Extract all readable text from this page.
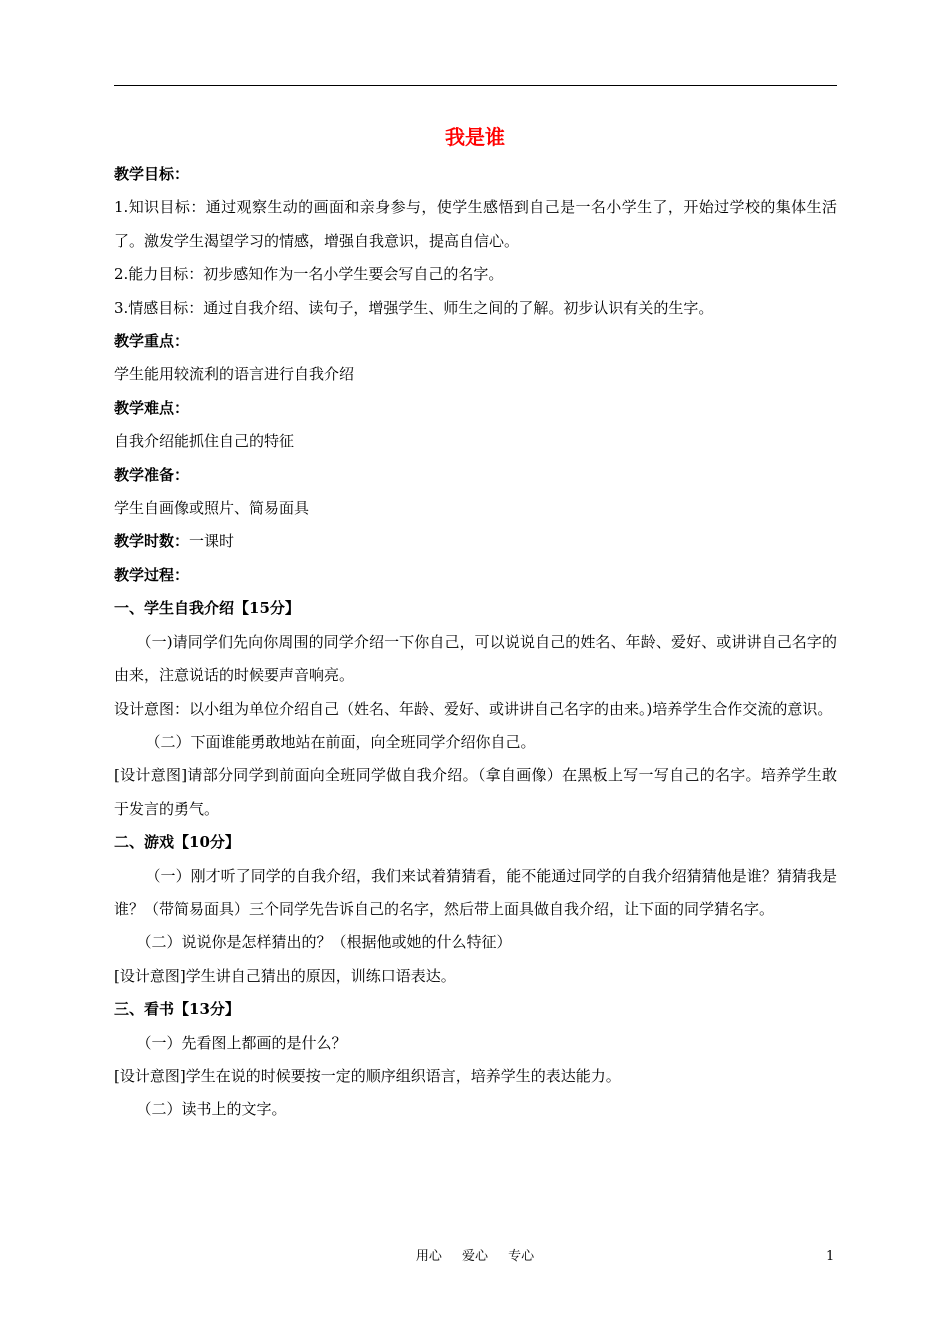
我是谁

教学目标：

1.知识目标：通过观察生动的画面和亲身参与，使学生感悟到自己是一名小学生了，开始过学校的集体生活了。激发学生渴望学习的情感，增强自我意识，提高自信心。

2.能力目标：初步感知作为一名小学生要会写自己的名字。

3.情感目标：通过自我介绍、读句子，增强学生、师生之间的了解。初步认识有关的生字。

教学重点：

学生能用较流利的语言进行自我介绍

教学难点：

自我介绍能抓住自己的特征

教学准备：

学生自画像或照片、简易面具

教学时数：一课时

教学过程：

一、学生自我介绍【15分】

（一)请同学们先向你周围的同学介绍一下你自己，可以说说自己的姓名、年龄、爱好、或讲讲自己名字的由来，注意说话的时候要声音响亮。

设计意图：以小组为单位介绍自己（姓名、年龄、爱好、或讲讲自己名字的由来。)培养学生合作交流的意识。

（二）下面谁能勇敢地站在前面，向全班同学介绍你自己。

[设计意图]请部分同学到前面向全班同学做自我介绍。（拿自画像）在黑板上写一写自己的名字。培养学生敢于发言的勇气。

二、游戏【10分】

（一）刚才听了同学的自我介绍，我们来试着猜猜看，能不能通过同学的自我介绍猜猜他是谁？猜猜我是谁？（带简易面具）三个同学先告诉自己的名字，然后带上面具做自我介绍，让下面的同学猜名字。

（二）说说你是怎样猜出的？（根据他或她的什么特征）

[设计意图]学生讲自己猜出的原因，训练口语表达。

三、看书【13分】

（一）先看图上都画的是什么？

[设计意图]学生在说的时候要按一定的顺序组织语言，培养学生的表达能力。

（二）读书上的文字。

用心 爱心 专心	1
